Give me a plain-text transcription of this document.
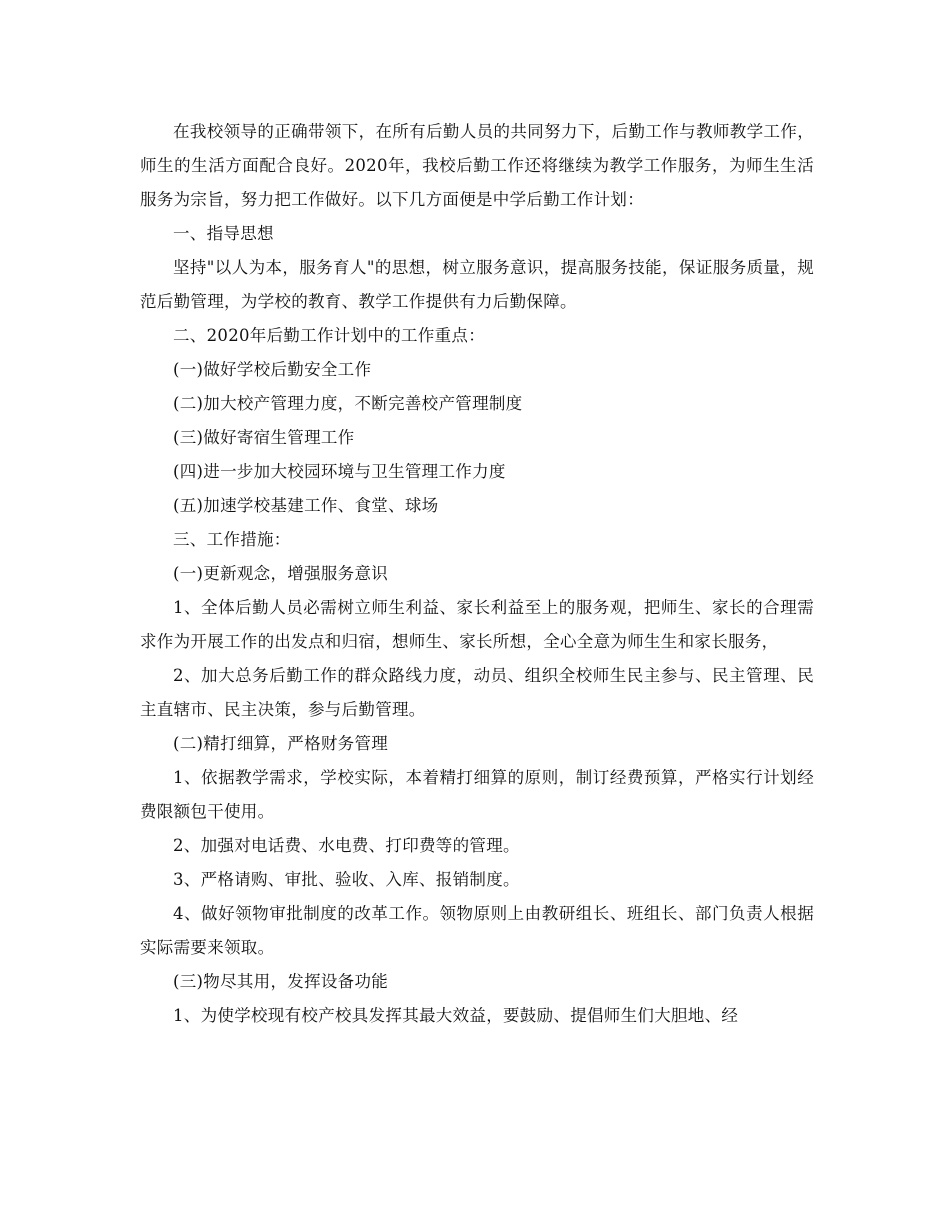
在我校领导的正确带领下，在所有后勤人员的共同努力下，后勤工作与教师教学工作，师生的生活方面配合良好。2020年，我校后勤工作还将继续为教学工作服务，为师生生活服务为宗旨，努力把工作做好。以下几方面便是中学后勤工作计划：

一、指导思想

坚持"以人为本，服务育人"的思想，树立服务意识，提高服务技能，保证服务质量，规范后勤管理，为学校的教育、教学工作提供有力后勤保障。

二、2020年后勤工作计划中的工作重点：

(一)做好学校后勤安全工作

(二)加大校产管理力度，不断完善校产管理制度

(三)做好寄宿生管理工作

(四)进一步加大校园环境与卫生管理工作力度

(五)加速学校基建工作、食堂、球场

三、工作措施：

(一)更新观念，增强服务意识

1、全体后勤人员必需树立师生利益、家长利益至上的服务观，把师生、家长的合理需求作为开展工作的出发点和归宿，想师生、家长所想，全心全意为师生生和家长服务，

2、加大总务后勤工作的群众路线力度，动员、组织全校师生民主参与、民主管理、民主直辖市、民主决策，参与后勤管理。

(二)精打细算，严格财务管理

1、依据教学需求，学校实际，本着精打细算的原则，制订经费预算，严格实行计划经费限额包干使用。

2、加强对电话费、水电费、打印费等的管理。

3、严格请购、审批、验收、入库、报销制度。

4、做好领物审批制度的改革工作。领物原则上由教研组长、班组长、部门负责人根据实际需要来领取。

(三)物尽其用，发挥设备功能

1、为使学校现有校产校具发挥其最大效益，要鼓励、提倡师生们大胆地、经
